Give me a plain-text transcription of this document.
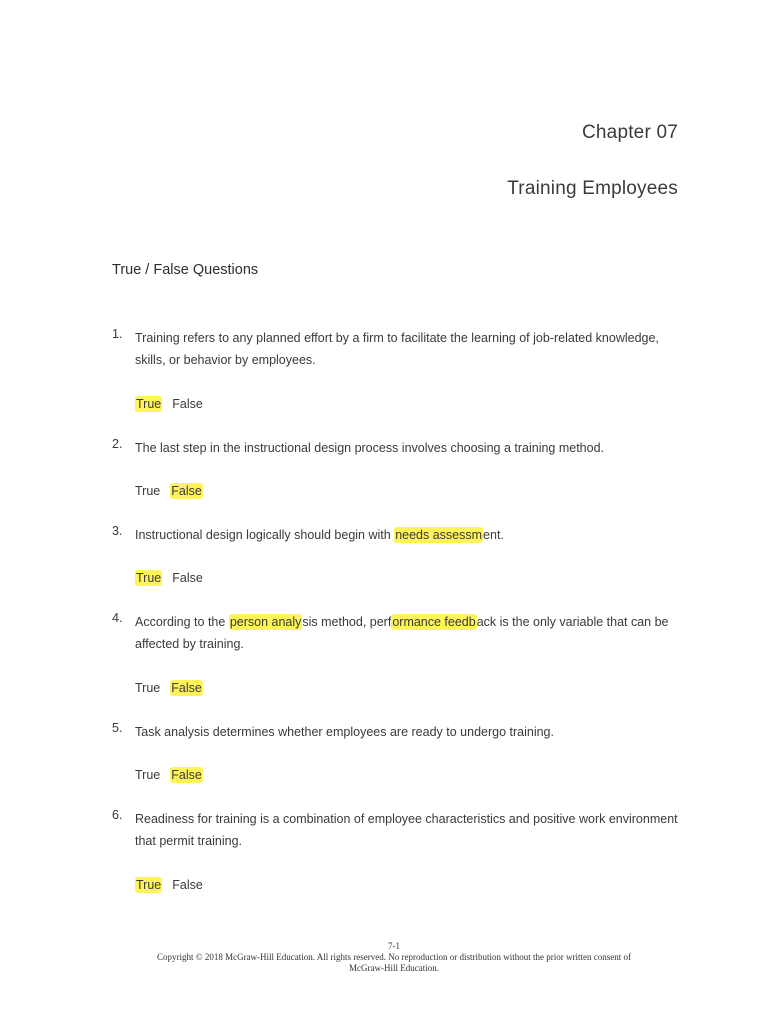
Chapter 07
Training Employees
True / False Questions
1. Training refers to any planned effort by a firm to facilitate the learning of job-related knowledge, skills, or behavior by employees.
True False
2. The last step in the instructional design process involves choosing a training method.
True False
3. Instructional design logically should begin with needs assessment.
True False
4. According to the person analysis method, performance feedback is the only variable that can be affected by training.
True False
5. Task analysis determines whether employees are ready to undergo training.
True False
6. Readiness for training is a combination of employee characteristics and positive work environment that permit training.
True False
7-1
Copyright © 2018 McGraw-Hill Education. All rights reserved. No reproduction or distribution without the prior written consent of
McGraw-Hill Education.
